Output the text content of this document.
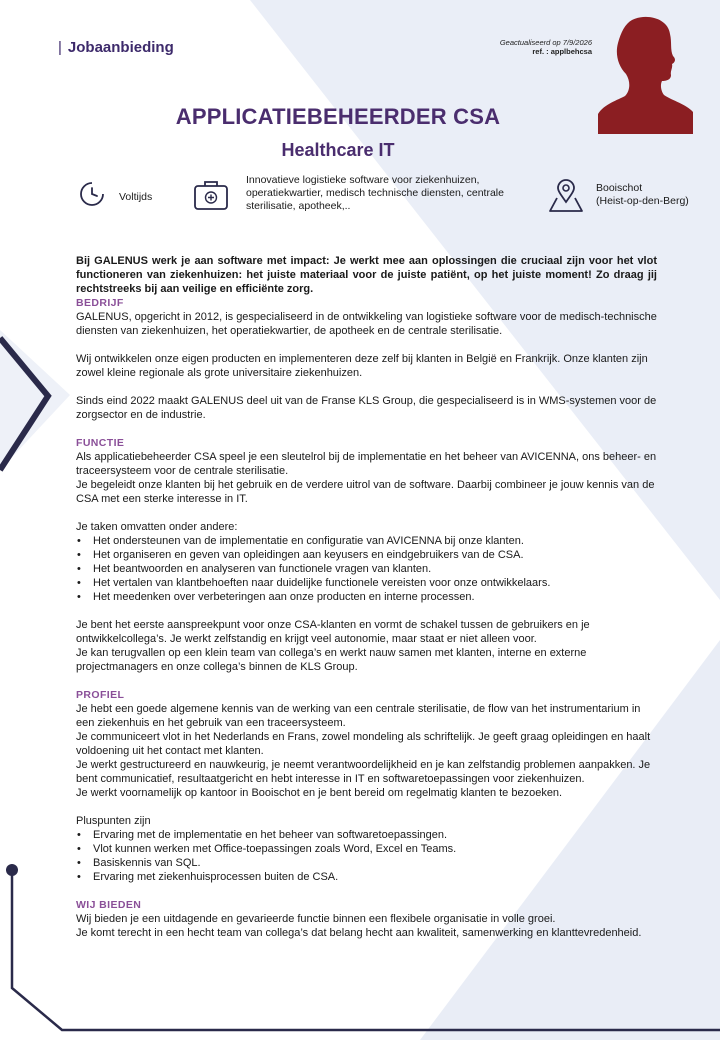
| Jobaanbieding	Geactualiseerd op 7/9/2026
ref. : applbehcsa
APPLICATIEBEHEERDER CSA
Healthcare IT
Voltijds
Innovatieve logistieke software voor ziekenhuizen, operatiekwartier, medisch technische diensten, centrale sterilisatie, apotheek,..
Booischot
(Heist-op-den-Berg)

Bij GALENUS werk je aan software met impact: Je werkt mee aan oplossingen die cruciaal zijn voor het vlot functioneren van ziekenhuizen: het juiste materiaal voor de juiste patiënt, op het juiste moment! Zo draag jij rechtstreeks bij aan veilige en efficiënte zorg.

BEDRIJF

GALENUS, opgericht in 2012, is gespecialiseerd in de ontwikkeling van logistieke software voor de medisch-technische diensten van ziekenhuizen, het operatiekwartier, de apotheek en de centrale sterilisatie.

Wij ontwikkelen onze eigen producten en implementeren deze zelf bij klanten in België en Frankrijk. Onze klanten zijn zowel kleine regionale als grote universitaire ziekenhuizen.

Sinds eind 2022 maakt GALENUS deel uit van de Franse KLS Group, die gespecialiseerd is in WMS-systemen voor de zorgsector en de industrie.

FUNCTIE

Als applicatiebeheerder CSA speel je een sleutelrol bij de implementatie en het beheer van AVICENNA, ons beheer- en traceersysteem voor de centrale sterilisatie.

Je begeleidt onze klanten bij het gebruik en de verdere uitrol van de software. Daarbij combineer je jouw kennis van de CSA met een sterke interesse in IT.

Je taken omvatten onder andere:

• Het ondersteunen van de implementatie en configuratie van AVICENNA bij onze klanten.
• Het organiseren en geven van opleidingen aan keyusers en eindgebruikers van de CSA.
• Het beantwoorden en analyseren van functionele vragen van klanten.
• Het vertalen van klantbehoeften naar duidelijke functionele vereisten voor onze ontwikkelaars.
• Het meedenken over verbeteringen aan onze producten en interne processen.

Je bent het eerste aanspreekpunt voor onze CSA-klanten en vormt de schakel tussen de gebruikers en je ontwikkelcollega’s. Je werkt zelfstandig en krijgt veel autonomie, maar staat er niet alleen voor.

Je kan terugvallen op een klein team van collega’s en werkt nauw samen met klanten, interne en externe projectmanagers en onze collega’s binnen de KLS Group.

PROFIEL

Je hebt een goede algemene kennis van de werking van een centrale sterilisatie, de flow van het instrumentarium in een ziekenhuis en het gebruik van een traceersysteem.

Je communiceert vlot in het Nederlands en Frans, zowel mondeling als schriftelijk. Je geeft graag opleidingen en haalt voldoening uit het contact met klanten.

Je werkt gestructureerd en nauwkeurig, je neemt verantwoordelijkheid en je kan zelfstandig problemen aanpakken. Je bent communicatief, resultaatgericht en hebt interesse in IT en softwaretoepassingen voor ziekenhuizen.

Je werkt voornamelijk op kantoor in Booischot en je bent bereid om regelmatig klanten te bezoeken.

Pluspunten zijn

• Ervaring met de implementatie en het beheer van softwaretoepassingen.
• Vlot kunnen werken met Office-toepassingen zoals Word, Excel en Teams.
• Basiskennis van SQL.
• Ervaring met ziekenhuisprocessen buiten de CSA.
WIJ BIEDEN

Wij bieden je een uitdagende en gevarieerde functie binnen een flexibele organisatie in volle groei.

Je komt terecht in een hecht team van collega’s dat belang hecht aan kwaliteit, samenwerking en klanttevredenheid.
